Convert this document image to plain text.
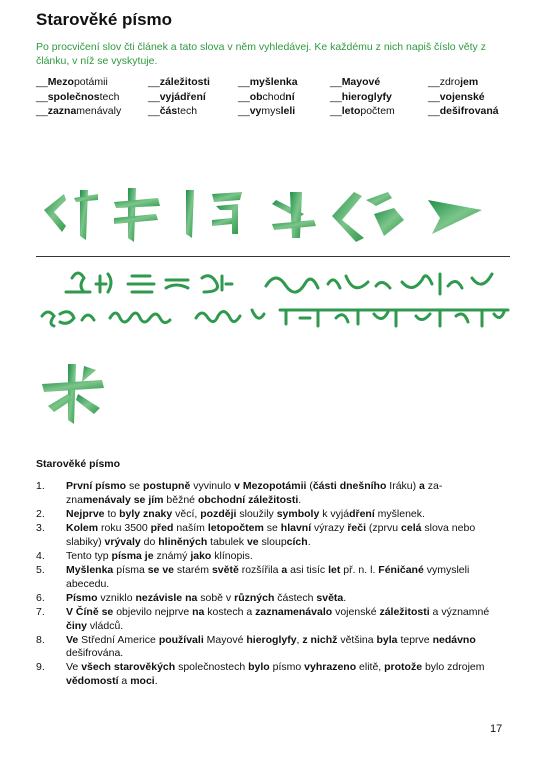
Starověké písmo
Po procvičení slov čti článek a tato slova v něm vyhledávej. Ke každému z nich napiš číslo věty z článku, v níž se vyskytuje.
__Mezopotámii	__záležitosti	__myšlenka	__Mayové	__zdrojem
__společnostech	__vyjádření	__obchodní	__hieroglyfy	__vojenské
__zaznamenávaly	__částech	__vymysleli	__letopočtem	__dešifrovaná
Starověké písmo
1. První písmo se postupně vyvinulo v Mezopotámii (části dnešního Iráku) a za-znamenávaly se jím běžné obchodní záležitosti.
2. Nejprve to byly znaky věcí, později sloužily symboly k vyjádření myšlenek.
3. Kolem roku 3500 před naším letopočtem se hlavní výrazy řeči (zprvu celá slova nebo slabiky) vrývaly do hliněných tabulek ve sloupcích.
4. Tento typ písma je známý jako klínopis.
5. Myšlenka písma se ve starém světě rozšířila a asi tisíc let př. n. l. Féničané vymysleli abecedu.
6. Písmo vzniklo nezávisle na sobě v různých částech světa.
7. V Číně se objevilo nejprve na kostech a zaznamenávalo vojenské záležitosti a významné činy vládců.
8. Ve Střední Americe používali Mayové hieroglyfy, z nichž většina byla teprve nedávno dešifrována.
9. Ve všech starověkých společnostech bylo písmo vyhrazeno elitě, protože bylo zdrojem vědomostí a moci.
17
